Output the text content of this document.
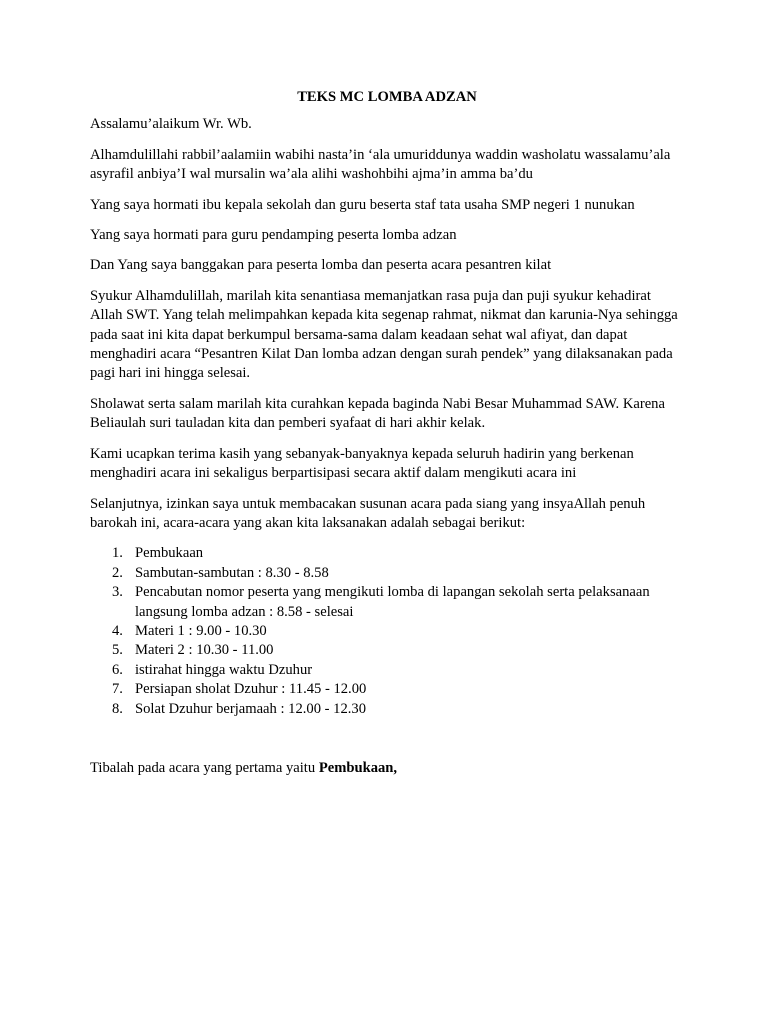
TEKS MC LOMBA ADZAN

Assalamu’alaikum Wr. Wb.

Alhamdulillahi rabbil’aalamiin wabihi nasta’in ‘ala umuriddunya waddin washolatu wassalamu’ala asyrafil anbiya’I wal mursalin wa’ala alihi washohbihi ajma’in amma ba’du

Yang saya hormati ibu kepala sekolah dan guru beserta staf tata usaha SMP negeri 1 nunukan

Yang saya hormati para guru pendamping peserta lomba adzan

Dan Yang saya banggakan para peserta lomba dan peserta acara pesantren kilat

Syukur Alhamdulillah, marilah kita senantiasa memanjatkan rasa puja dan puji syukur kehadirat Allah SWT. Yang telah melimpahkan kepada kita segenap rahmat, nikmat dan karunia-Nya sehingga pada saat ini kita dapat berkumpul bersama-sama dalam keadaan sehat wal afiyat, dan dapat menghadiri acara “Pesantren Kilat Dan lomba adzan dengan surah pendek” yang dilaksanakan pada pagi hari ini hingga selesai.

Sholawat serta salam marilah kita curahkan kepada baginda Nabi Besar Muhammad SAW. Karena Beliaulah suri tauladan kita dan pemberi syafaat di hari akhir kelak.

Kami ucapkan terima kasih yang sebanyak-banyaknya kepada seluruh hadirin yang berkenan menghadiri acara ini sekaligus berpartisipasi secara aktif dalam mengikuti acara ini

Selanjutnya, izinkan saya untuk membacakan susunan acara pada siang yang insyaAllah penuh barokah ini, acara-acara yang akan kita laksanakan adalah sebagai berikut:

1. Pembukaan
2. Sambutan-sambutan : 8.30 - 8.58
3. Pencabutan nomor peserta yang mengikuti lomba di lapangan sekolah serta pelaksanaan langsung lomba adzan : 8.58 - selesai
4. Materi 1 : 9.00 - 10.30
5. Materi 2 : 10.30 - 11.00
6. istirahat hingga waktu Dzuhur
7. Persiapan sholat Dzuhur : 11.45 - 12.00
8. Solat Dzuhur berjamaah : 12.00 - 12.30

Tibalah pada acara yang pertama yaitu Pembukaan,
